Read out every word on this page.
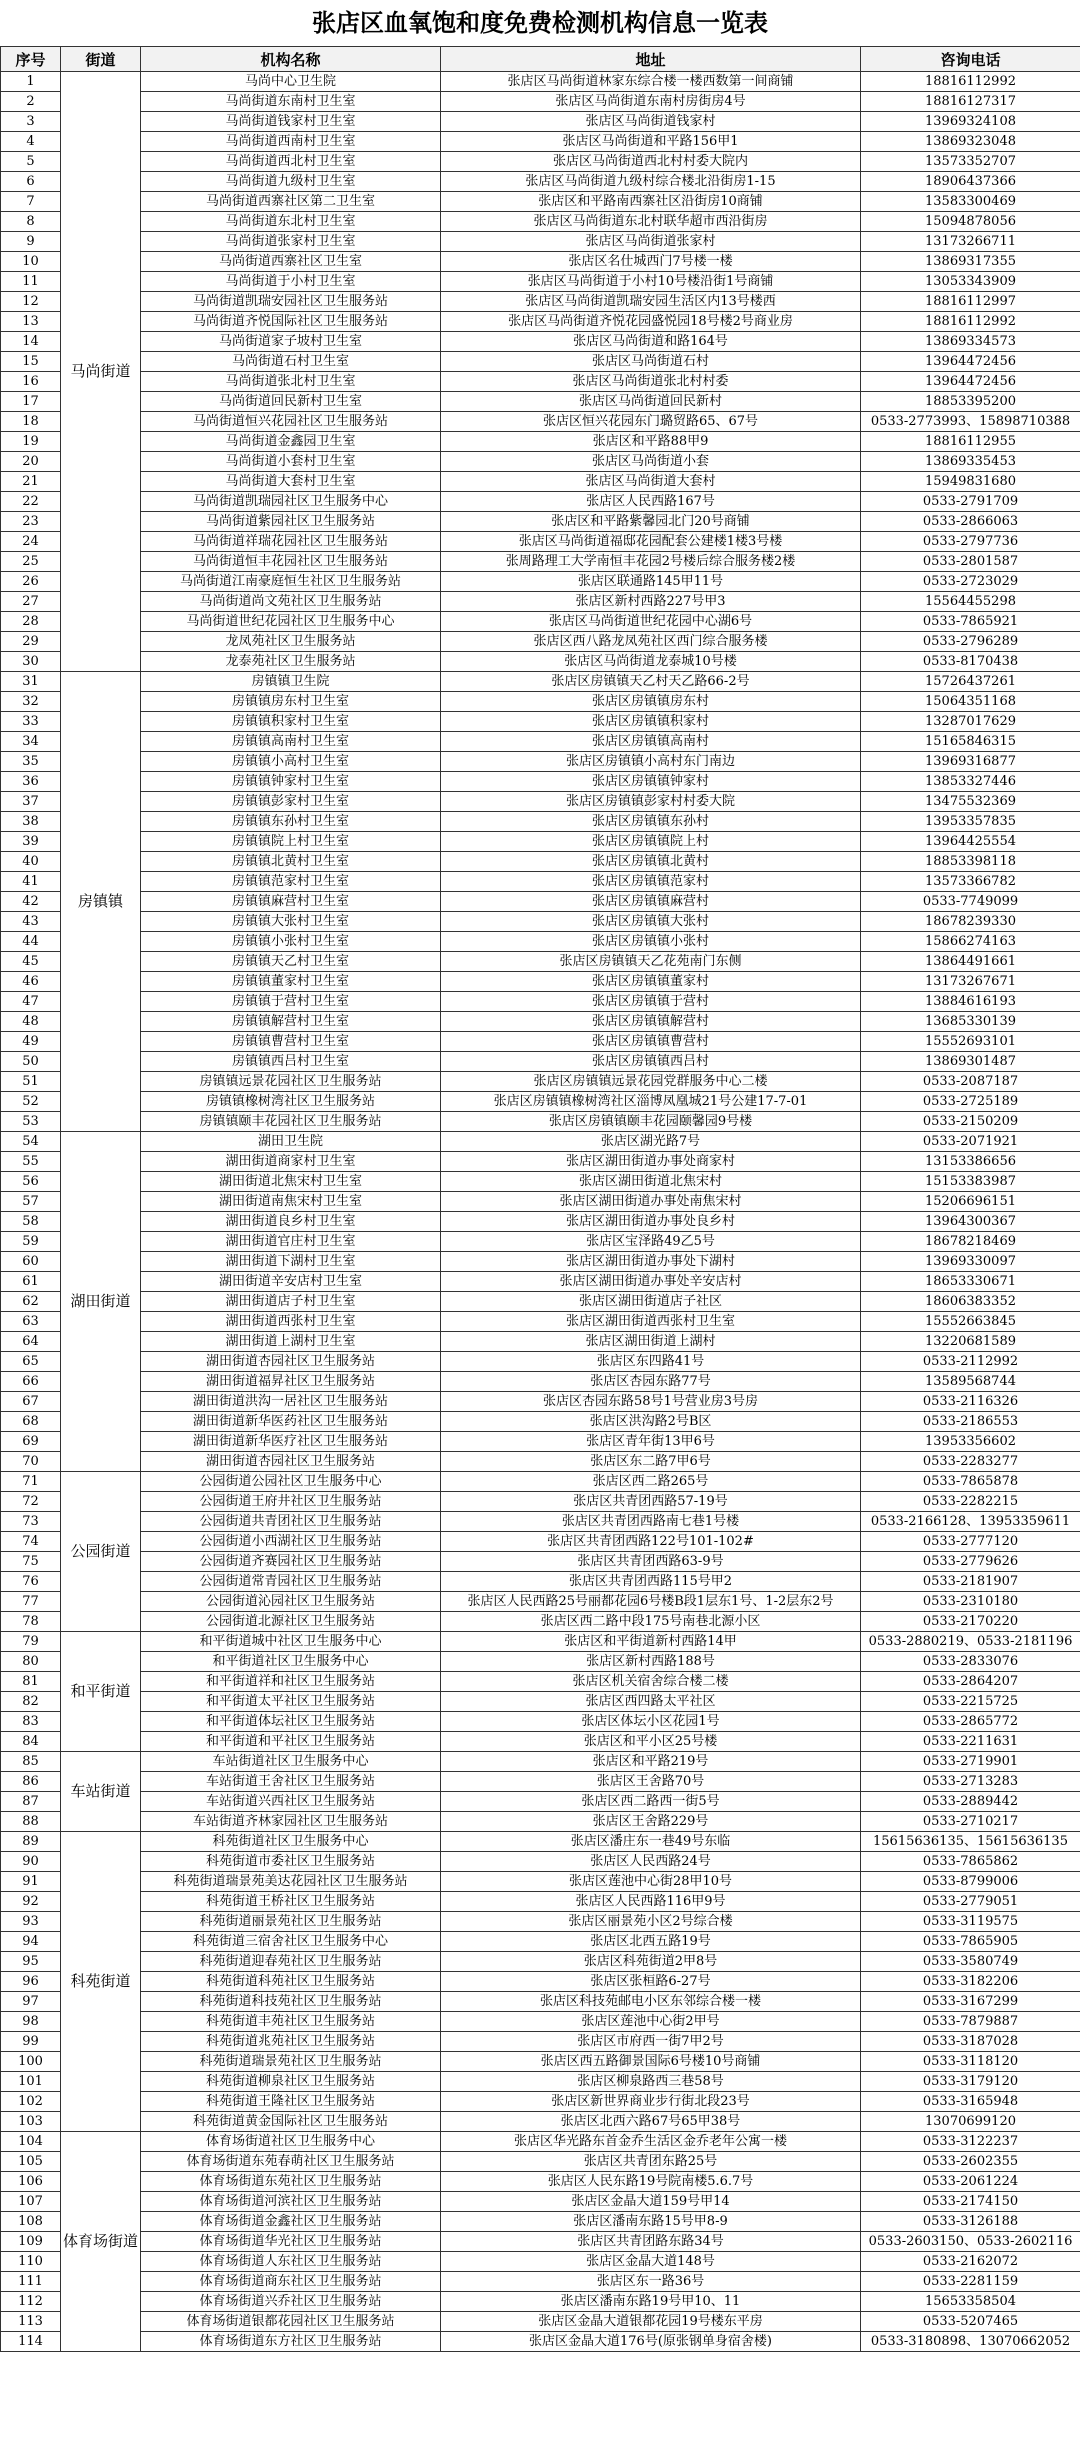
张店区血氧饱和度免费检测机构信息一览表
序号	街道	机构名称	地址	咨询电话
1	马尚街道	马尚中心卫生院	张店区马尚街道林家东综合楼一楼西数第一间商铺	18816112992
2		马尚街道东南村卫生室	张店区马尚街道东南村房街房4号	18816127317
3		马尚街道钱家村卫生室	张店区马尚街道钱家村	13969324108
4		马尚街道西南村卫生室	张店区马尚街道和平路156甲1	13869323048
5		马尚街道西北村卫生室	张店区马尚街道西北村村委大院内	13573352707
6		马尚街道九级村卫生室	张店区马尚街道九级村综合楼北沿街房1-15	18906437366
7		马尚街道西寨社区第二卫生室	张店区和平路南西寨社区沿街房10商铺	13583300469
8		马尚街道东北村卫生室	张店区马尚街道东北村联华超市西沿街房	15094878056
9		马尚街道张家村卫生室	张店区马尚街道张家村	13173266711
10		马尚街道西寨社区卫生室	张店区名仕城西门7号楼一楼	13869317355
11		马尚街道于小村卫生室	张店区马尚街道于小村10号楼沿街1号商铺	13053343909
12		马尚街道凯瑞安园社区卫生服务站	张店区马尚街道凯瑞安园生活区内13号楼西	18816112997
13		马尚街道齐悦国际社区卫生服务站	张店区马尚街道齐悦花园盛悦园18号楼2号商业房	18816112992
14		马尚街道家子坡村卫生室	张店区马尚街道和路164号	13869334573
15		马尚街道石村卫生室	张店区马尚街道石村	13964472456
16		马尚街道张北村卫生室	张店区马尚街道张北村村委	13964472456
17		马尚街道回民新村卫生室	张店区马尚街道回民新村	18853395200
18		马尚街道恒兴花园社区卫生服务站	张店区恒兴花园东门璐贸路65、67号	0533-2773993、15898710388
19		马尚街道金鑫园卫生室	张店区和平路88甲9	18816112955
20		马尚街道小套村卫生室	张店区马尚街道小套	13869335453
21		马尚街道大套村卫生室	张店区马尚街道大套村	15949831680
22		马尚街道凯瑞园社区卫生服务中心	张店区人民西路167号	0533-2791709
23		马尚街道紫园社区卫生服务站	张店区和平路紫馨园北门20号商铺	0533-2866063
24		马尚街道祥瑞花园社区卫生服务站	张店区马尚街道福邸花园配套公建楼1楼3号楼	0533-2797736
25		马尚街道恒丰花园社区卫生服务站	张周路理工大学南恒丰花园2号楼后综合服务楼2楼	0533-2801587
26		马尚街道江南豪庭恒生社区卫生服务站	张店区联通路145甲11号	0533-2723029
27		马尚街道尚文苑社区卫生服务站	张店区新村西路227号甲3	15564455298
28		马尚街道世纪花园社区卫生服务中心	张店区马尚街道世纪花园中心湖6号	0533-7865921
29		龙凤苑社区卫生服务站	张店区西八路龙凤苑社区西门综合服务楼	0533-2796289
30		龙泰苑社区卫生服务站	张店区马尚街道龙泰城10号楼	0533-8170438
31	房镇镇	房镇镇卫生院	张店区房镇镇天乙村天乙路66-2号	15726437261
32		房镇镇房东村卫生室	张店区房镇镇房东村	15064351168
33		房镇镇积家村卫生室	张店区房镇镇积家村	13287017629
34		房镇镇高南村卫生室	张店区房镇镇高南村	15165846315
35		房镇镇小高村卫生室	张店区房镇镇小高村东门南边	13969316877
36		房镇镇钟家村卫生室	张店区房镇镇钟家村	13853327446
37		房镇镇彭家村卫生室	张店区房镇镇彭家村村委大院	13475532369
38		房镇镇东孙村卫生室	张店区房镇镇东孙村	13953357835
39		房镇镇院上村卫生室	张店区房镇镇院上村	13964425554
40		房镇镇北黄村卫生室	张店区房镇镇北黄村	18853398118
41		房镇镇范家村卫生室	张店区房镇镇范家村	13573366782
42		房镇镇麻营村卫生室	张店区房镇镇麻营村	0533-7749099
43		房镇镇大张村卫生室	张店区房镇镇大张村	18678239330
44		房镇镇小张村卫生室	张店区房镇镇小张村	15866274163
45		房镇镇天乙村卫生室	张店区房镇镇天乙花苑南门东侧	13864491661
46		房镇镇董家村卫生室	张店区房镇镇董家村	13173267671
47		房镇镇于营村卫生室	张店区房镇镇于营村	13884616193
48		房镇镇解营村卫生室	张店区房镇镇解营村	13685330139
49		房镇镇曹营村卫生室	张店区房镇镇曹营村	15552693101
50		房镇镇西吕村卫生室	张店区房镇镇西吕村	13869301487
51		房镇镇远景花园社区卫生服务站	张店区房镇镇远景花园党群服务中心二楼	0533-2087187
52		房镇镇橡树湾社区卫生服务站	张店区房镇镇橡树湾社区淄博凤凰城21号公建17-7-01	0533-2725189
53		房镇镇颐丰花园社区卫生服务站	张店区房镇镇颐丰花园颐馨园9号楼	0533-2150209
54	湖田街道	湖田卫生院	张店区湖光路7号	0533-2071921
55		湖田街道商家村卫生室	张店区湖田街道办事处商家村	13153386656
56		湖田街道北焦宋村卫生室	张店区湖田街道北焦宋村	15153383987
57		湖田街道南焦宋村卫生室	张店区湖田街道办事处南焦宋村	15206696151
58		湖田街道良乡村卫生室	张店区湖田街道办事处良乡村	13964300367
59		湖田街道官庄村卫生室	张店区宝泽路49乙5号	18678218469
60		湖田街道下湖村卫生室	张店区湖田街道办事处下湖村	13969330097
61		湖田街道辛安店村卫生室	张店区湖田街道办事处辛安店村	18653330671
62		湖田街道店子村卫生室	张店区湖田街道店子社区	18606383352
63		湖田街道西张村卫生室	张店区湖田街道西张村卫生室	15552663845
64		湖田街道上湖村卫生室	张店区湖田街道上湖村	13220681589
65		湖田街道杏园社区卫生服务站	张店区东四路41号	0533-2112992
66		湖田街道福昇社区卫生服务站	张店区杏园东路77号	13589568744
67		湖田街道洪沟一居社区卫生服务站	张店区杏园东路58号1号营业房3号房	0533-2116326
68		湖田街道新华医药社区卫生服务站	张店区洪沟路2号B区	0533-2186553
69		湖田街道新华医疗社区卫生服务站	张店区青年街13甲6号	13953356602
70		湖田街道杏园社区卫生服务站	张店区东二路7甲6号	0533-2283277
71	公园街道	公园街道公园社区卫生服务中心	张店区西二路265号	0533-7865878
72		公园街道王府井社区卫生服务站	张店区共青团西路57-19号	0533-2282215
73		公园街道共青团社区卫生服务站	张店区共青团西路南七巷1号楼	0533-2166128、13953359611
74		公园街道小西湖社区卫生服务站	张店区共青团西路122号101-102#	0533-2777120
75		公园街道齐赛园社区卫生服务站	张店区共青团西路63-9号	0533-2779626
76		公园街道常青园社区卫生服务站	张店区共青团西路115号甲2	0533-2181907
77		公园街道沁园社区卫生服务站	张店区人民西路25号丽都花园6号楼B段1层东1号、1-2层东2号	0533-2310180
78		公园街道北源社区卫生服务站	张店区西二路中段175号南巷北源小区	0533-2170220
79	和平街道	和平街道城中社区卫生服务中心	张店区和平街道新村西路14甲	0533-2880219、0533-2181196
80		和平街道社区卫生服务中心	张店区新村西路188号	0533-2833076
81		和平街道祥和社区卫生服务站	张店区机关宿舍综合楼二楼	0533-2864207
82		和平街道太平社区卫生服务站	张店区西四路太平社区	0533-2215725
83		和平街道体坛社区卫生服务站	张店区体坛小区花园1号	0533-2865772
84		和平街道和平社区卫生服务站	张店区和平小区25号楼	0533-2211631
85	车站街道	车站街道社区卫生服务中心	张店区和平路219号	0533-2719901
86		车站街道王舍社区卫生服务站	张店区王舍路70号	0533-2713283
87		车站街道兴西社区卫生服务站	张店区西二路西一街5号	0533-2889442
88		车站街道齐林家园社区卫生服务站	张店区王舍路229号	0533-2710217
89	科苑街道	科苑街道社区卫生服务中心	张店区潘庄东一巷49号东临	15615636135、15615636135
90		科苑街道市委社区卫生服务站	张店区人民西路24号	0533-7865862
91		科苑街道瑞景苑美达花园社区卫生服务站	张店区莲池中心街28甲10号	0533-8799006
92		科苑街道王桥社区卫生服务站	张店区人民西路116甲9号	0533-2779051
93		科苑街道丽景苑社区卫生服务站	张店区丽景苑小区2号综合楼	0533-3119575
94		科苑街道三宿舍社区卫生服务中心	张店区北西五路19号	0533-7865905
95		科苑街道迎春苑社区卫生服务站	张店区科苑街道2甲8号	0533-3580749
96		科苑街道科苑社区卫生服务站	张店区张桓路6-27号	0533-3182206
97		科苑街道科技苑社区卫生服务站	张店区科技苑邮电小区东邻综合楼一楼	0533-3167299
98		科苑街道丰苑社区卫生服务站	张店区莲池中心街2甲号	0533-7879887
99		科苑街道兆苑社区卫生服务站	张店区市府西一街7甲2号	0533-3187028
100		科苑街道瑞景苑社区卫生服务站	张店区西五路御景国际6号楼10号商铺	0533-3118120
101		科苑街道柳泉社区卫生服务站	张店区柳泉路西三巷58号	0533-3179120
102		科苑街道王隆社区卫生服务站	张店区新世界商业步行街北段23号	0533-3165948
103		科苑街道黄金国际社区卫生服务站	张店区北西六路67号65甲38号	13070699120
104	体育场街道	体育场街道社区卫生服务中心	张店区华光路东首金乔生活区金乔老年公寓一楼	0533-3122237
105		体育场街道东苑春萌社区卫生服务站	张店区共青团东路25号	0533-2602355
106		体育场街道东苑社区卫生服务站	张店区人民东路19号院南楼5.6.7号	0533-2061224
107		体育场街道河滨社区卫生服务站	张店区金晶大道159号甲14	0533-2174150
108		体育场街道金鑫社区卫生服务站	张店区潘南东路15号甲8-9	0533-3126188
109		体育场街道华光社区卫生服务站	张店区共青团路东路34号	0533-2603150、0533-2602116
110		体育场街道人东社区卫生服务站	张店区金晶大道148号	0533-2162072
111		体育场街道商东社区卫生服务站	张店区东一路36号	0533-2281159
112		体育场街道兴乔社区卫生服务站	张店区潘南东路19号甲10、11	15653358504
113		体育场街道银都花园社区卫生服务站	张店区金晶大道银都花园19号楼东平房	0533-5207465
114		体育场街道东方社区卫生服务站	张店区金晶大道176号(原张钢单身宿舍楼)	0533-3180898、13070662052
